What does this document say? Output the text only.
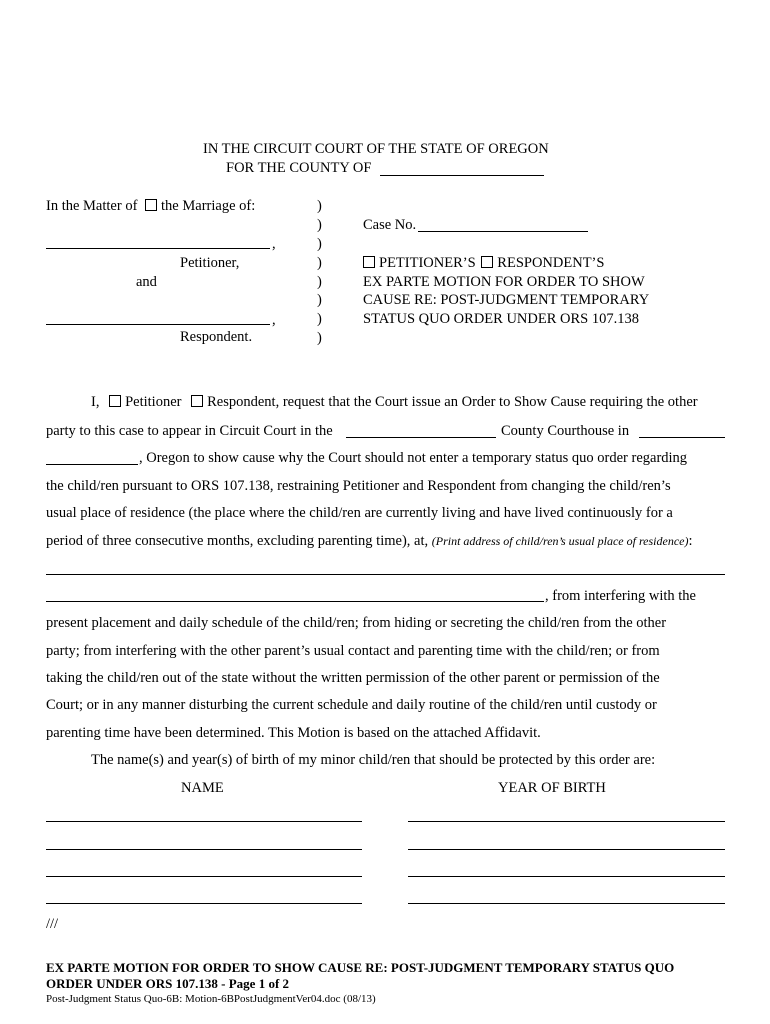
IN THE CIRCUIT COURT OF THE STATE OF OREGON
FOR THE COUNTY OF
In the Matter of the Marriage of:
,
Petitioner,
and
,
Respondent.
)
)
)
)
)
)
)
)
Case No.
PETITIONER’S RESPONDENT’S
EX PARTE MOTION FOR ORDER TO SHOW
CAUSE RE: POST-JUDGMENT TEMPORARY
STATUS QUO ORDER UNDER ORS 107.138
I, Petitioner Respondent, request that the Court issue an Order to Show Cause requiring the other
party to this case to appear in Circuit Court in the	County Courthouse in
, Oregon to show cause why the Court should not enter a temporary status quo order regarding
the child/ren pursuant to ORS 107.138, restraining Petitioner and Respondent from changing the child/ren’s
usual place of residence (the place where the child/ren are currently living and have lived continuously for a
period of three consecutive months, excluding parenting time), at, (Print address of child/ren’s usual place of residence):
, from interfering with the
present placement and daily schedule of the child/ren; from hiding or secreting the child/ren from the other
party; from interfering with the other parent’s usual contact and parenting time with the child/ren; or from
taking the child/ren out of the state without the written permission of the other parent or permission of the
Court; or in any manner disturbing the current schedule and daily routine of the child/ren until custody or
parenting time have been determined. This Motion is based on the attached Affidavit.
The name(s) and year(s) of birth of my minor child/ren that should be protected by this order are:
NAME	YEAR OF BIRTH
///
EX PARTE MOTION FOR ORDER TO SHOW CAUSE RE: POST-JUDGMENT TEMPORARY STATUS QUO
ORDER UNDER ORS 107.138 - Page 1 of 2
Post-Judgment Status Quo-6B: Motion-6BPostJudgmentVer04.doc (08/13)
